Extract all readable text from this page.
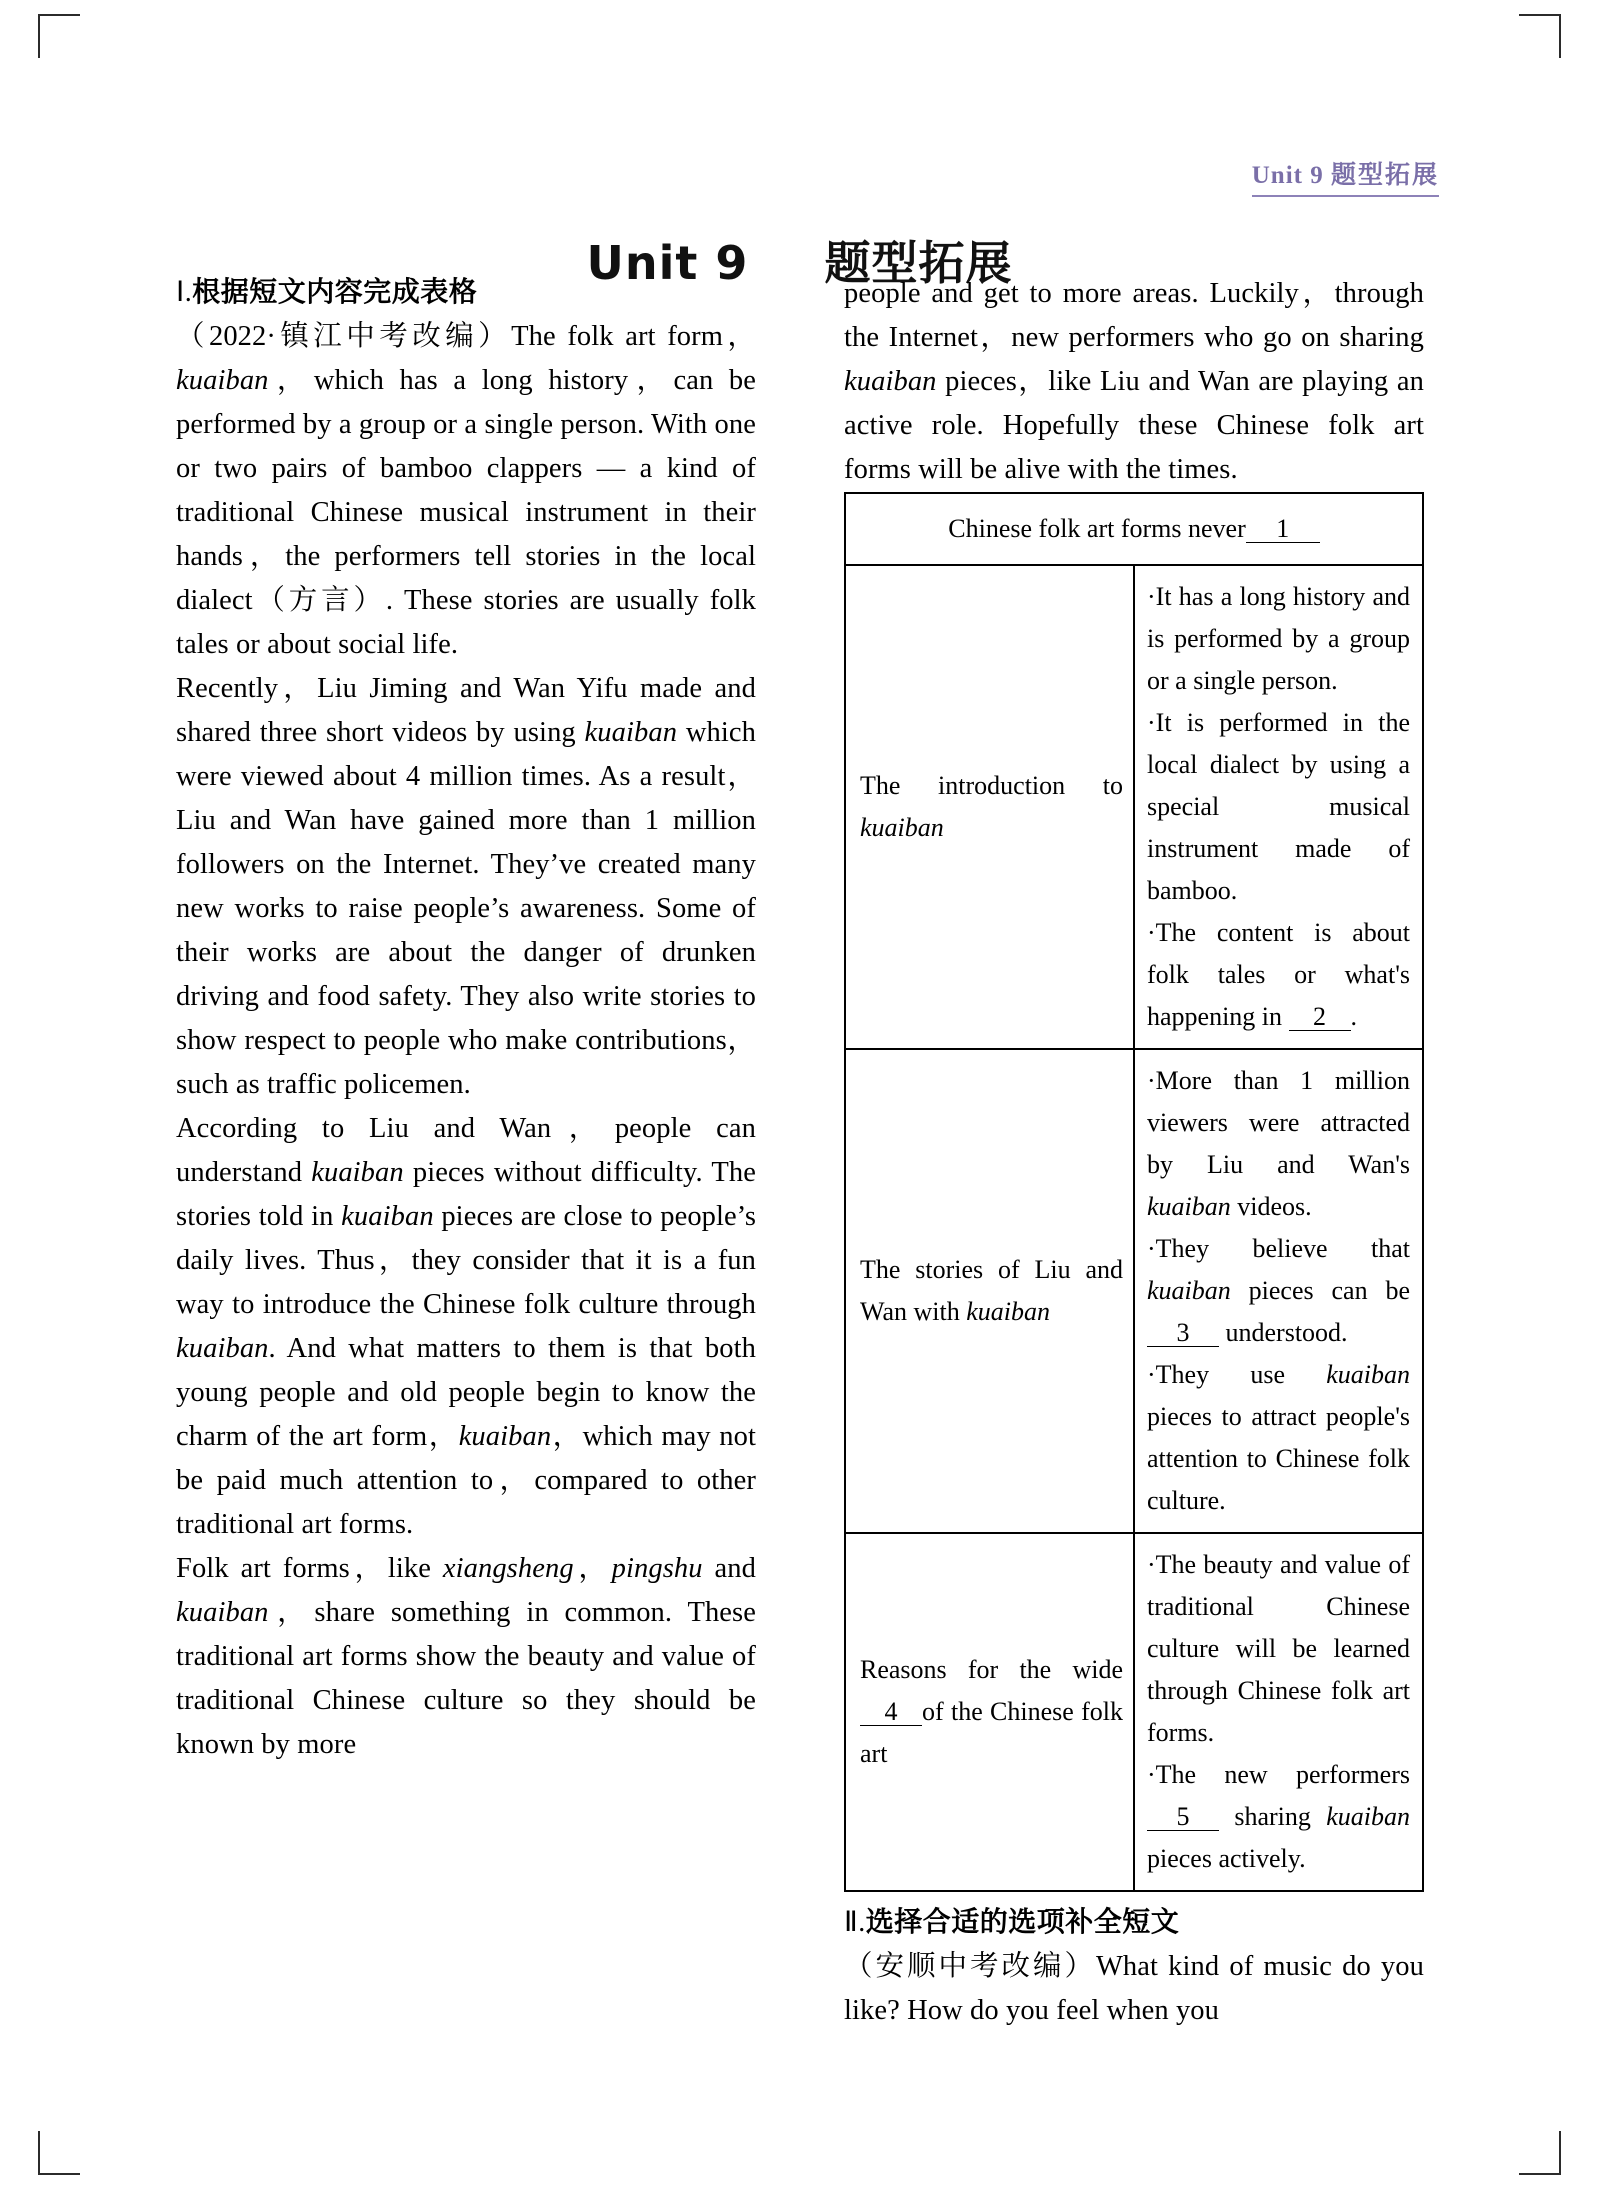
Unit 9 题型拓展
Unit 9 题型拓展
Ⅰ.根据短文内容完成表格

（2022·镇江中考改编）The folk art form，kuaiban，which has a long history，can be performed by a group or a single person. With one or two pairs of bamboo clappers — a kind of traditional Chinese musical instrument in their hands，the performers tell stories in the local dialect（方言）. These stories are usually folk tales or about social life.

Recently，Liu Jiming and Wan Yifu made and shared three short videos by using kuaiban which were viewed about 4 million times. As a result，Liu and Wan have gained more than 1 million followers on the Internet. They’ve created many new works to raise people’s awareness. Some of their works are about the danger of drunken driving and food safety. They also write stories to show respect to people who make contributions，such as traffic policemen.

According to Liu and Wan，people can understand kuaiban pieces without difficulty. The stories told in kuaiban pieces are close to people’s daily lives. Thus，they consider that it is a fun way to introduce the Chinese folk culture through kuaiban. And what matters to them is that both young people and old people begin to know the charm of the art form，kuaiban，which may not be paid much attention to，compared to other traditional art forms.

Folk art forms，like xiangsheng，pingshu and kuaiban，share something in common. These traditional art forms show the beauty and value of traditional Chinese culture so they should be known by more

people and get to more areas. Luckily，through the Internet，new performers who go on sharing kuaiban pieces，like Liu and Wan are playing an active role. Hopefully these Chinese folk art forms will be alive with the times.

Chinese folk art forms never 1	
The introduction to kuaiban	· It has a long history and is performed by a group or a single person.
· It is performed in the local dialect by using a special musical instrument made of bamboo.
· The content is about folk tales or what's happening in 2 .

The stories of Liu and Wan with kuaiban	· More than 1 million viewers were attracted by Liu and Wan's kuaiban videos.
· They believe that kuaiban pieces can be 3 understood.
· They use kuaiban pieces to attract people's attention to Chinese folk culture.

Reasons for the wide 4 of the Chinese folk art	· The beauty and value of traditional Chinese culture will be learned through Chinese folk art forms.
· The new performers 5 sharing kuaiban pieces actively.
Ⅱ.选择合适的选项补全短文

（安顺中考改编）What kind of music do you like? How do you feel when you
